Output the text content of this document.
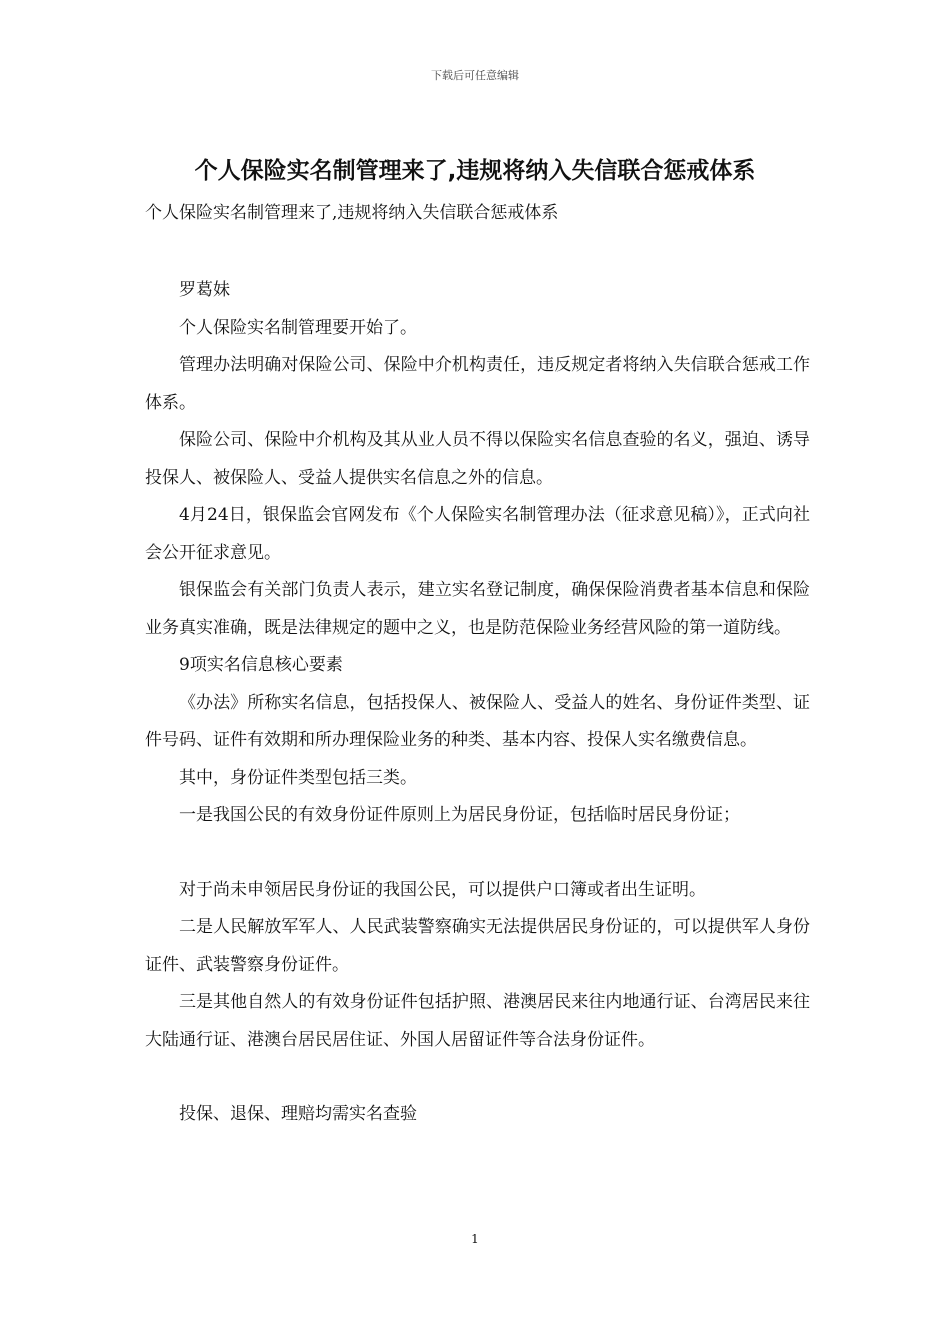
下载后可任意编辑
个人保险实名制管理来了,违规将纳入失信联合惩戒体系
个人保险实名制管理来了,违规将纳入失信联合惩戒体系

罗葛妹

个人保险实名制管理要开始了。

管理办法明确对保险公司、保险中介机构责任，违反规定者将纳入失信联合惩戒工作体系。

保险公司、保险中介机构及其从业人员不得以保险实名信息查验的名义，强迫、诱导投保人、被保险人、受益人提供实名信息之外的信息。

4月24日，银保监会官网发布《个人保险实名制管理办法（征求意见稿）》，正式向社会公开征求意见。

银保监会有关部门负责人表示，建立实名登记制度，确保保险消费者基本信息和保险业务真实准确，既是法律规定的题中之义，也是防范保险业务经营风险的第一道防线。

9项实名信息核心要素

《办法》所称实名信息，包括投保人、被保险人、受益人的姓名、身份证件类型、证件号码、证件有效期和所办理保险业务的种类、基本内容、投保人实名缴费信息。

其中，身份证件类型包括三类。

一是我国公民的有效身份证件原则上为居民身份证，包括临时居民身份证；

对于尚未申领居民身份证的我国公民，可以提供户口簿或者出生证明。

二是人民解放军军人、人民武装警察确实无法提供居民身份证的，可以提供军人身份证件、武装警察身份证件。

三是其他自然人的有效身份证件包括护照、港澳居民来往内地通行证、台湾居民来往大陆通行证、港澳台居民居住证、外国人居留证件等合法身份证件。

投保、退保、理赔均需实名查验

1
